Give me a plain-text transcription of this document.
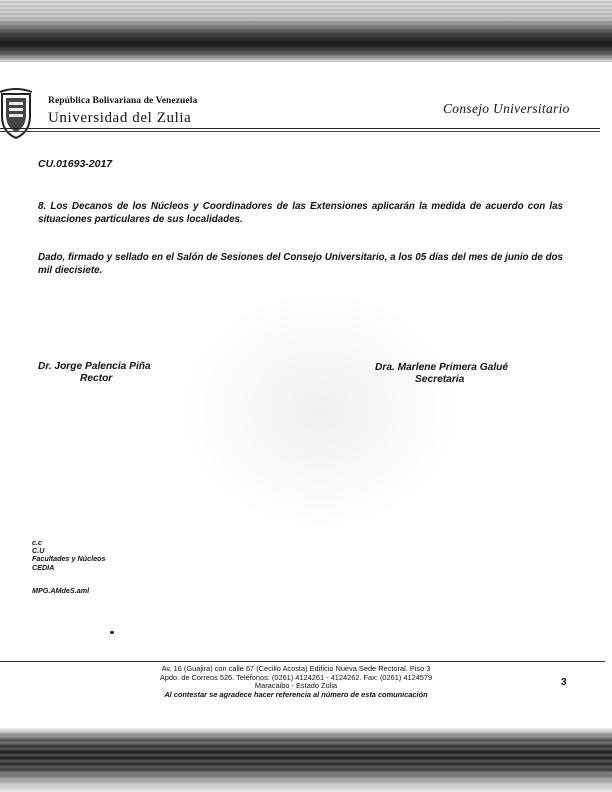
República Bolivariana de Venezuela
Universidad del Zulia
Consejo Universitario
CU.01693-2017
8. Los Decanos de los Núcleos y Coordinadores de las Extensiones aplicarán la medida de acuerdo con las situaciones particulares de sus localidades.
Dado, firmado y sellado en el Salón de Sesiones del Consejo Universitario, a los 05 días del mes de junio de dos mil diecisiete.
Dr. Jorge Palencia Piña
Rector
Dra. Marlene Primera Galué
Secretaria
c.c
C.U
Facultades y Núcleos
CEDIA
MPG.AMdeS.aml
Av. 16 (Guajira) con calle 67 (Cecilio Acosta) Edificio Nueva Sede Rectoral. Piso 3
Apdo. de Correos 526. Teléfonos: (0261) 4124261 - 4124262. Fax: (0261) 4124579
Maracaibo - Estado Zulia
Al contestar se agradece hacer referencia al número de esta comunicación
3
